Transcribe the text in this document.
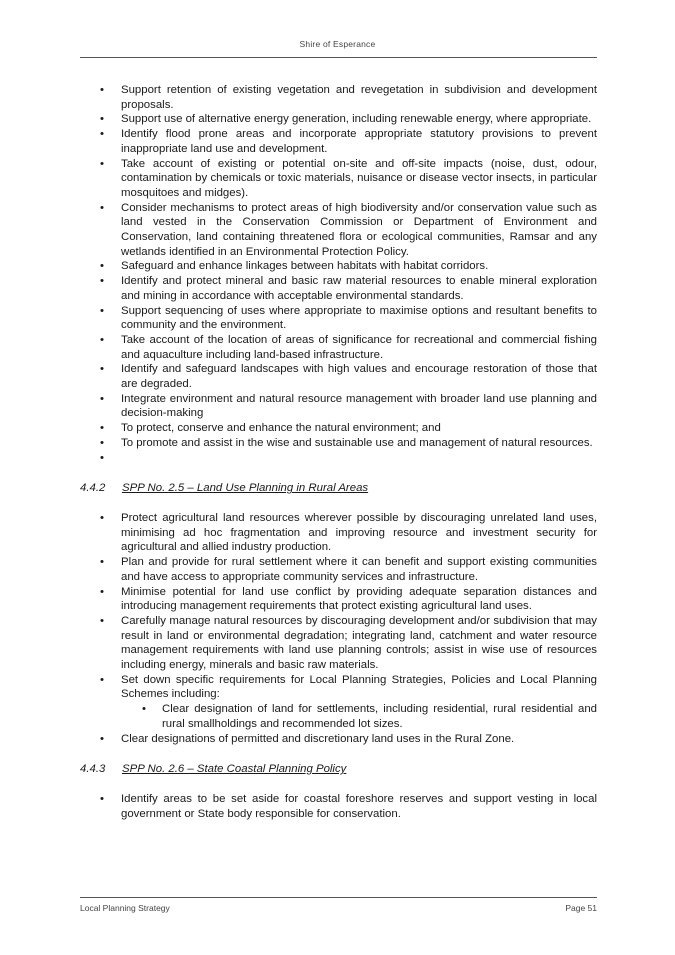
Shire of Esperance
• Support retention of existing vegetation and revegetation in subdivision and development proposals.
• Support use of alternative energy generation, including renewable energy, where appropriate.
• Identify flood prone areas and incorporate appropriate statutory provisions to prevent inappropriate land use and development.
• Take account of existing or potential on-site and off-site impacts (noise, dust, odour, contamination by chemicals or toxic materials, nuisance or disease vector insects, in particular mosquitoes and midges).
• Consider mechanisms to protect areas of high biodiversity and/or conservation value such as land vested in the Conservation Commission or Department of Environment and Conservation, land containing threatened flora or ecological communities, Ramsar and any wetlands identified in an Environmental Protection Policy.
• Safeguard and enhance linkages between habitats with habitat corridors.
• Identify and protect mineral and basic raw material resources to enable mineral exploration and mining in accordance with acceptable environmental standards.
• Support sequencing of uses where appropriate to maximise options and resultant benefits to community and the environment.
• Take account of the location of areas of significance for recreational and commercial fishing and aquaculture including land-based infrastructure.
• Identify and safeguard landscapes with high values and encourage restoration of those that are degraded.
• Integrate environment and natural resource management with broader land use planning and decision-making
• To protect, conserve and enhance the natural environment; and
• To promote and assist in the wise and sustainable use and management of natural resources.
•
4.4.2	SPP No. 2.5 – Land Use Planning in Rural Areas
• Protect agricultural land resources wherever possible by discouraging unrelated land uses, minimising ad hoc fragmentation and improving resource and investment security for agricultural and allied industry production.
• Plan and provide for rural settlement where it can benefit and support existing communities and have access to appropriate community services and infrastructure.
• Minimise potential for land use conflict by providing adequate separation distances and introducing management requirements that protect existing agricultural land uses.
• Carefully manage natural resources by discouraging development and/or subdivision that may result in land or environmental degradation; integrating land, catchment and water resource management requirements with land use planning controls; assist in wise use of resources including energy, minerals and basic raw materials.
• Set down specific requirements for Local Planning Strategies, Policies and Local Planning Schemes including:
• Clear designation of land for settlements, including residential, rural residential and rural smallholdings and recommended lot sizes.
• Clear designations of permitted and discretionary land uses in the Rural Zone.
4.4.3	SPP No. 2.6 – State Coastal Planning Policy
• Identify areas to be set aside for coastal foreshore reserves and support vesting in local government or State body responsible for conservation.
Local Planning Strategy	Page 51
